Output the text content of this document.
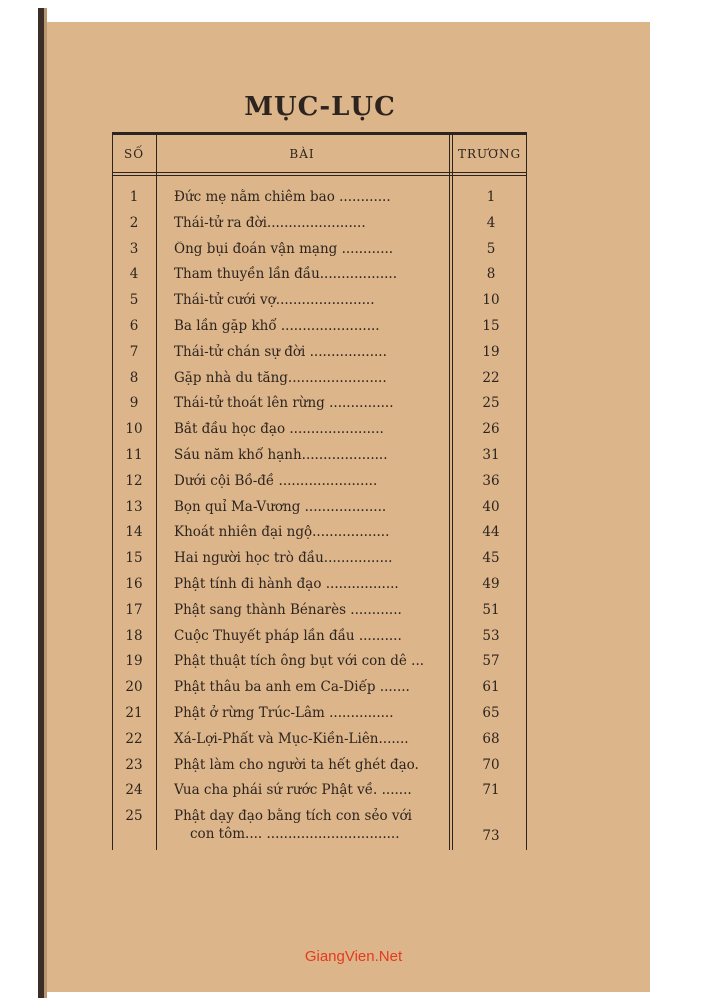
MỤC-LỤC
SỐ	BÀI	TRƯƠNG
1	Đức mẹ nằm chiêm bao ............	1
2	Thái-tử ra đời.......................	4
3	Ông bụi đoán vận mạng ............	5
4	Tham thuyền lần đầu..................	8
5	Thái-tử cưới vợ.......................	10
6	Ba lần gặp khổ .......................	15
7	Thái-tử chán sự đời ..................	19
8	Gặp nhà du tăng.......................	22
9	Thái-tử thoát lên rừng ...............	25
10	Bắt đầu học đạo ......................	26
11	Sáu năm khổ hạnh....................	31
12	Dưới cội Bồ-đề .......................	36
13	Bọn quỉ Ma-Vương ...................	40
14	Khoát nhiên đại ngộ..................	44
15	Hai người học trò đầu................	45
16	Phật tính đi hành đạo .................	49
17	Phật sang thành Bénarès ............	51
18	Cuộc Thuyết pháp lần đầu ..........	53
19	Phật thuật tích ông bụt với con dê ...	57
20	Phật thâu ba anh em Ca-Diếp .......	61
21	Phật ở rừng Trúc-Lâm ...............	65
22	Xá-Lợi-Phất và Mục-Kiền-Liên.......	68
23	Phật làm cho người ta hết ghét đạo.	70
24	Vua cha phái sứ rước Phật về. .......	71
25	Phật dạy đạo bằng tích con sẻo với
con tôm.... ...............................	73
GiangVien.Net
